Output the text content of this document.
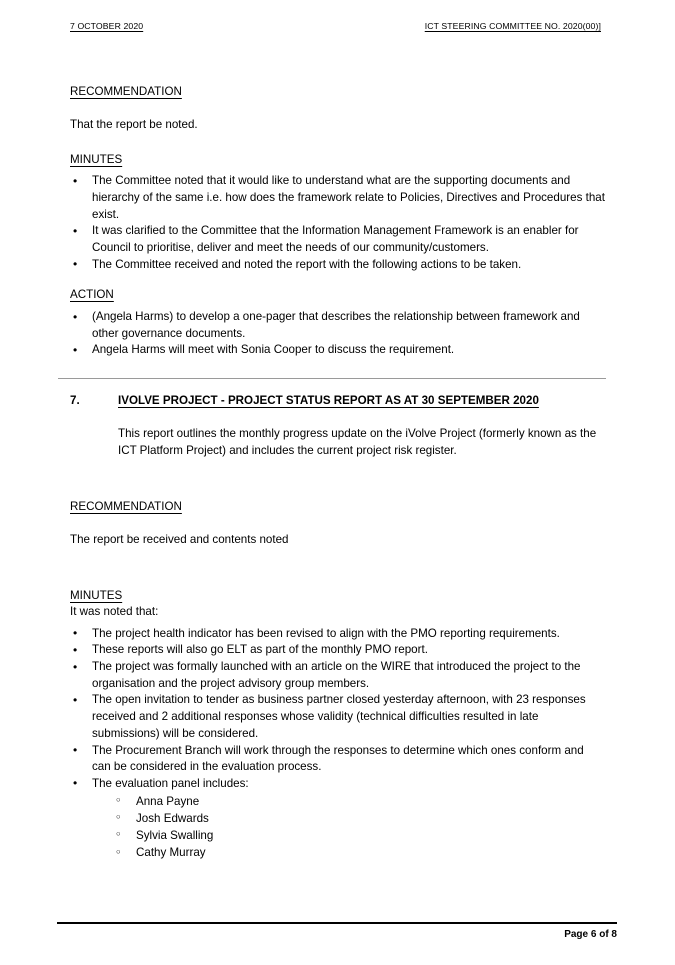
7 OCTOBER 2020	ICT STEERING COMMITTEE NO. 2020(00)]

RECOMMENDATION

That the report be noted.

MINUTES

• The Committee noted that it would like to understand what are the supporting documents and hierarchy of the same i.e. how does the framework relate to Policies, Directives and Procedures that exist.
• It was clarified to the Committee that the Information Management Framework is an enabler for Council to prioritise, deliver and meet the needs of our community/customers.
• The Committee received and noted the report with the following actions to be taken.

ACTION

• (Angela Harms) to develop a one-pager that describes the relationship between framework and other governance documents.
• Angela Harms will meet with Sonia Cooper to discuss the requirement.
7.	IVOLVE PROJECT - PROJECT STATUS REPORT AS AT 30 SEPTEMBER 2020
This report outlines the monthly progress update on the iVolve Project (formerly known as the ICT Platform Project) and includes the current project risk register.

RECOMMENDATION

The report be received and contents noted

MINUTES

It was noted that:

• The project health indicator has been revised to align with the PMO reporting requirements.
• These reports will also go ELT as part of the monthly PMO report.
• The project was formally launched with an article on the WIRE that introduced the project to the organisation and the project advisory group members.
• The open invitation to tender as business partner closed yesterday afternoon, with 23 responses received and 2 additional responses whose validity (technical difficulties resulted in late submissions) will be considered.
• The Procurement Branch will work through the responses to determine which ones conform and can be considered in the evaluation process.
• The evaluation panel includes:
○ Anna Payne
○ Josh Edwards
○ Sylvia Swalling
○ Cathy Murray
Page 6 of 8
